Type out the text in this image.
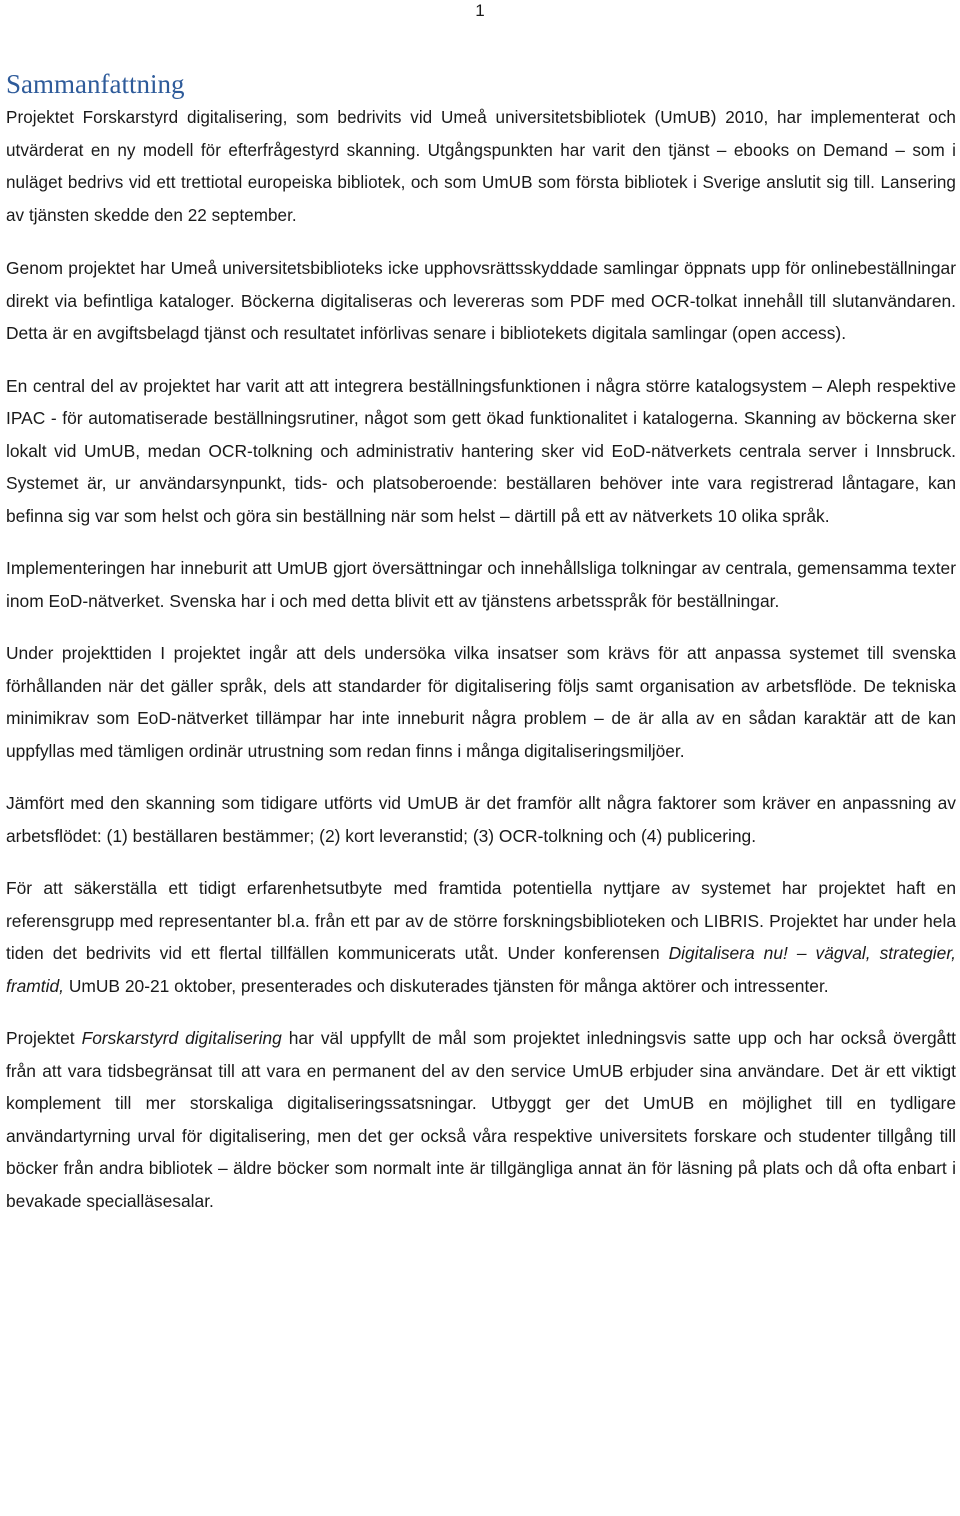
1
Sammanfattning

Projektet Forskarstyrd digitalisering, som bedrivits vid Umeå universitetsbibliotek (UmUB) 2010, har implementerat och utvärderat en ny modell för efterfrågestyrd skanning. Utgångspunkten har varit den tjänst – ebooks on Demand – som i nuläget bedrivs vid ett trettiotal europeiska bibliotek, och som UmUB som första bibliotek i Sverige anslutit sig till. Lansering av tjänsten skedde den 22 september.

Genom projektet har Umeå universitetsbiblioteks icke upphovsrättsskyddade samlingar öppnats upp för onlinebeställningar direkt via befintliga kataloger. Böckerna digitaliseras och levereras som PDF med OCR-tolkat innehåll till slutanvändaren. Detta är en avgiftsbelagd tjänst och resultatet införlivas senare i bibliotekets digitala samlingar (open access).

En central del av projektet har varit att att integrera beställningsfunktionen i några större katalogsystem – Aleph respektive IPAC - för automatiserade beställningsrutiner, något som gett ökad funktionalitet i katalogerna. Skanning av böckerna sker lokalt vid UmUB, medan OCR-tolkning och administrativ hantering sker vid EoD-nätverkets centrala server i Innsbruck. Systemet är, ur användarsynpunkt, tids- och platsoberoende: beställaren behöver inte vara registrerad låntagare, kan befinna sig var som helst och göra sin beställning när som helst – därtill på ett av nätverkets 10 olika språk.

Implementeringen har inneburit att UmUB gjort översättningar och innehållsliga tolkningar av centrala, gemensamma texter inom EoD-nätverket. Svenska har i och med detta blivit ett av tjänstens arbetsspråk för beställningar.

Under projekttiden I projektet ingår att dels undersöka vilka insatser som krävs för att anpassa systemet till svenska förhållanden när det gäller språk, dels att standarder för digitalisering följs samt organisation av arbetsflöde. De tekniska minimikrav som EoD-nätverket tillämpar har inte inneburit några problem – de är alla av en sådan karaktär att de kan uppfyllas med tämligen ordinär utrustning som redan finns i många digitaliseringsmiljöer.

Jämfört med den skanning som tidigare utförts vid UmUB är det framför allt några faktorer som kräver en anpassning av arbetsflödet: (1) beställaren bestämmer; (2) kort leveranstid; (3) OCR-tolkning och (4) publicering.

För att säkerställa ett tidigt erfarenhetsutbyte med framtida potentiella nyttjare av systemet har projektet haft en referensgrupp med representanter bl.a. från ett par av de större forskningsbiblioteken och LIBRIS. Projektet har under hela tiden det bedrivits vid ett flertal tillfällen kommunicerats utåt. Under konferensen Digitalisera nu! – vägval, strategier, framtid, UmUB 20-21 oktober, presenterades och diskuterades tjänsten för många aktörer och intressenter.

Projektet Forskarstyrd digitalisering har väl uppfyllt de mål som projektet inledningsvis satte upp och har också övergått från att vara tidsbegränsat till att vara en permanent del av den service UmUB erbjuder sina användare. Det är ett viktigt komplement till mer storskaliga digitaliseringssatsningar. Utbyggt ger det UmUB en möjlighet till en tydligare användartyrning urval för digitalisering, men det ger också våra respektive universitets forskare och studenter tillgång till böcker från andra bibliotek – äldre böcker som normalt inte är tillgängliga annat än för läsning på plats och då ofta enbart i bevakade specialläsesalar.
